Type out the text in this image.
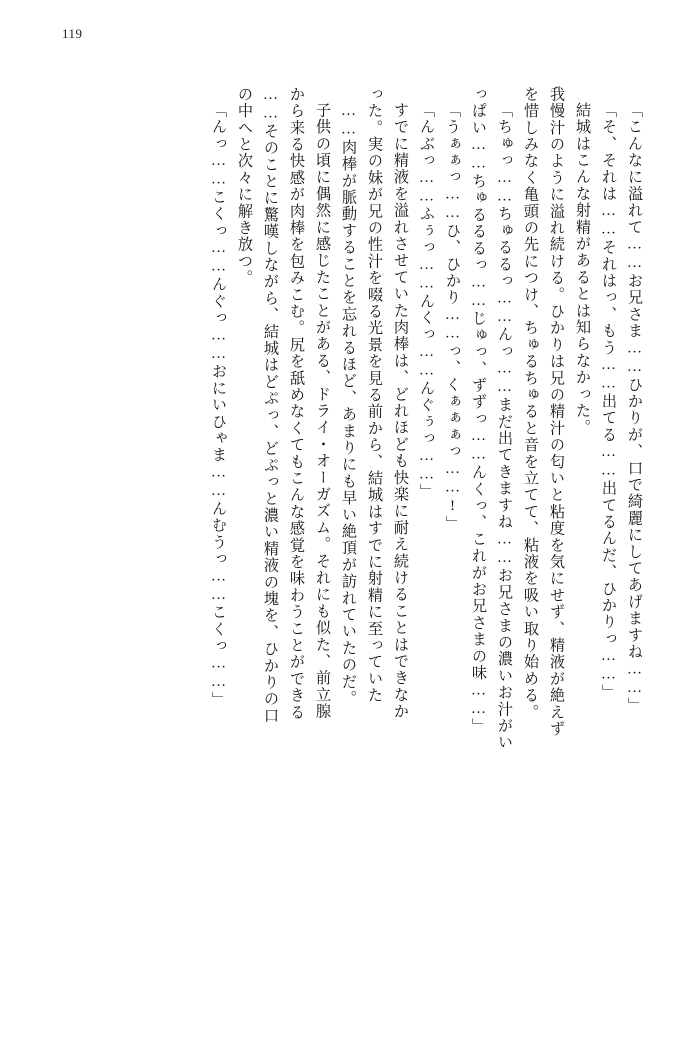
119
「こんなに溢れて……お兄さま……ひかりが、口で綺麗にしてあげますね……」
「そ、それは……それはっ、もう……出てる……出てるんだ、ひかりっ……」
結城はこんな射精があるとは知らなかった。
我慢汁のように溢れ続ける。ひかりは兄の精汁の匂いと粘度を気にせず、精液が絶えず
を惜しみなく亀頭の先につけ、ちゅるちゅると音を立てて、粘液を吸い取り始める。
「ちゅっ……ちゅるるっ……んっ……まだ出てきますね……お兄さまの濃いお汁がい
っぱい……ちゅるるるっ……じゅっ、ずずっ……んくっ、これがお兄さまの味……」
「うぁぁっ……ひ、ひかり……っ、くぁぁぁっ……!」
「んぶっ……ふぅっ……んくっ……んぐぅっ……」
すでに精液を溢れさせていた肉棒は、どれほども快楽に耐え続けることはできなか
った。実の妹が兄の性汁を啜る光景を見る前から、結城はすでに射精に至っていた
……肉棒が脈動することを忘れるほど、あまりにも早い絶頂が訪れていたのだ。
子供の頃に偶然に感じたことがある、ドライ・オーガズム。それにも似た、前立腺
から来る快感が肉棒を包みこむ。尻を舐めなくてもこんな感覚を味わうことができる
……そのことに驚嘆しながら、結城はどぷっ、どぷっと濃い精液の塊を、ひかりの口
の中へと次々に解き放つ。
「んっ……こくっ……んぐっ……おにいひゃま……んむうっ……こくっ……」
